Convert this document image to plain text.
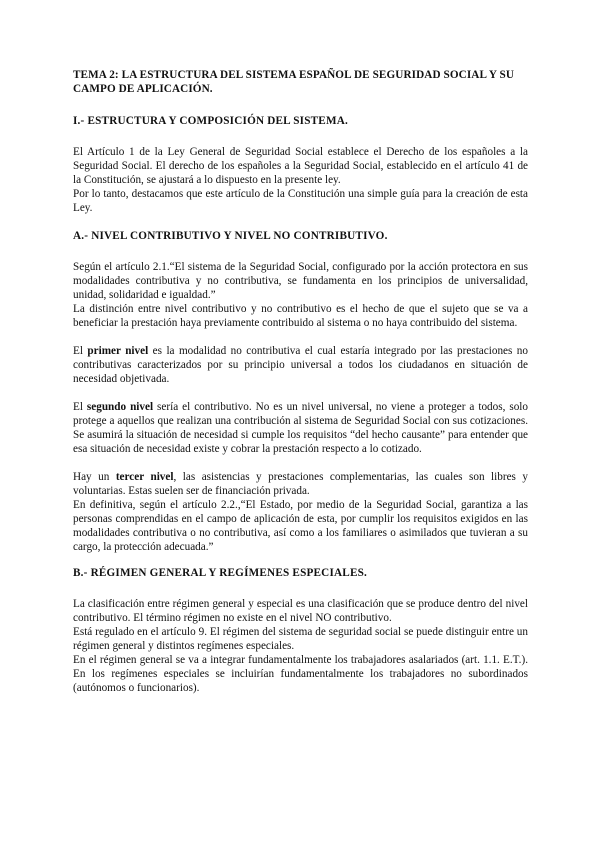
TEMA 2: LA ESTRUCTURA DEL SISTEMA ESPAÑOL DE SEGURIDAD SOCIAL Y SU CAMPO DE APLICACIÓN.

I.- ESTRUCTURA Y COMPOSICIÓN DEL SISTEMA.

El Artículo 1 de la Ley General de Seguridad Social establece el Derecho de los españoles a la Seguridad Social. El derecho de los españoles a la Seguridad Social, establecido en el artículo 41 de la Constitución, se ajustará a lo dispuesto en la presente ley.

Por lo tanto, destacamos que este artículo de la Constitución una simple guía para la creación de esta Ley.

A.- NIVEL CONTRIBUTIVO Y NIVEL NO CONTRIBUTIVO.

Según el artículo 2.1.“El sistema de la Seguridad Social, configurado por la acción protectora en sus modalidades contributiva y no contributiva, se fundamenta en los principios de universalidad, unidad, solidaridad e igualdad.”

La distinción entre nivel contributivo y no contributivo es el hecho de que el sujeto que se va a beneficiar la prestación haya previamente contribuido al sistema o no haya contribuido del sistema.

El primer nivel es la modalidad no contributiva el cual estaría integrado por las prestaciones no contributivas caracterizados por su principio universal a todos los ciudadanos en situación de necesidad objetivada.

El segundo nivel sería el contributivo. No es un nivel universal, no viene a proteger a todos, solo protege a aquellos que realizan una contribución al sistema de Seguridad Social con sus cotizaciones. Se asumirá la situación de necesidad si cumple los requisitos “del hecho causante” para entender que esa situación de necesidad existe y cobrar la prestación respecto a lo cotizado.

Hay un tercer nivel, las asistencias y prestaciones complementarias, las cuales son libres y voluntarias. Estas suelen ser de financiación privada.

En definitiva, según el artículo 2.2.,“El Estado, por medio de la Seguridad Social, garantiza a las personas comprendidas en el campo de aplicación de esta, por cumplir los requisitos exigidos en las modalidades contributiva o no contributiva, así como a los familiares o asimilados que tuvieran a su cargo, la protección adecuada.”

B.- RÉGIMEN GENERAL Y REGÍMENES ESPECIALES.

La clasificación entre régimen general y especial es una clasificación que se produce dentro del nivel contributivo. El término régimen no existe en el nivel NO contributivo.

Está regulado en el artículo 9. El régimen del sistema de seguridad social se puede distinguir entre un régimen general y distintos regímenes especiales.

En el régimen general se va a integrar fundamentalmente los trabajadores asalariados (art. 1.1. E.T.). En los regímenes especiales se incluirían fundamentalmente los trabajadores no subordinados (autónomos o funcionarios).
